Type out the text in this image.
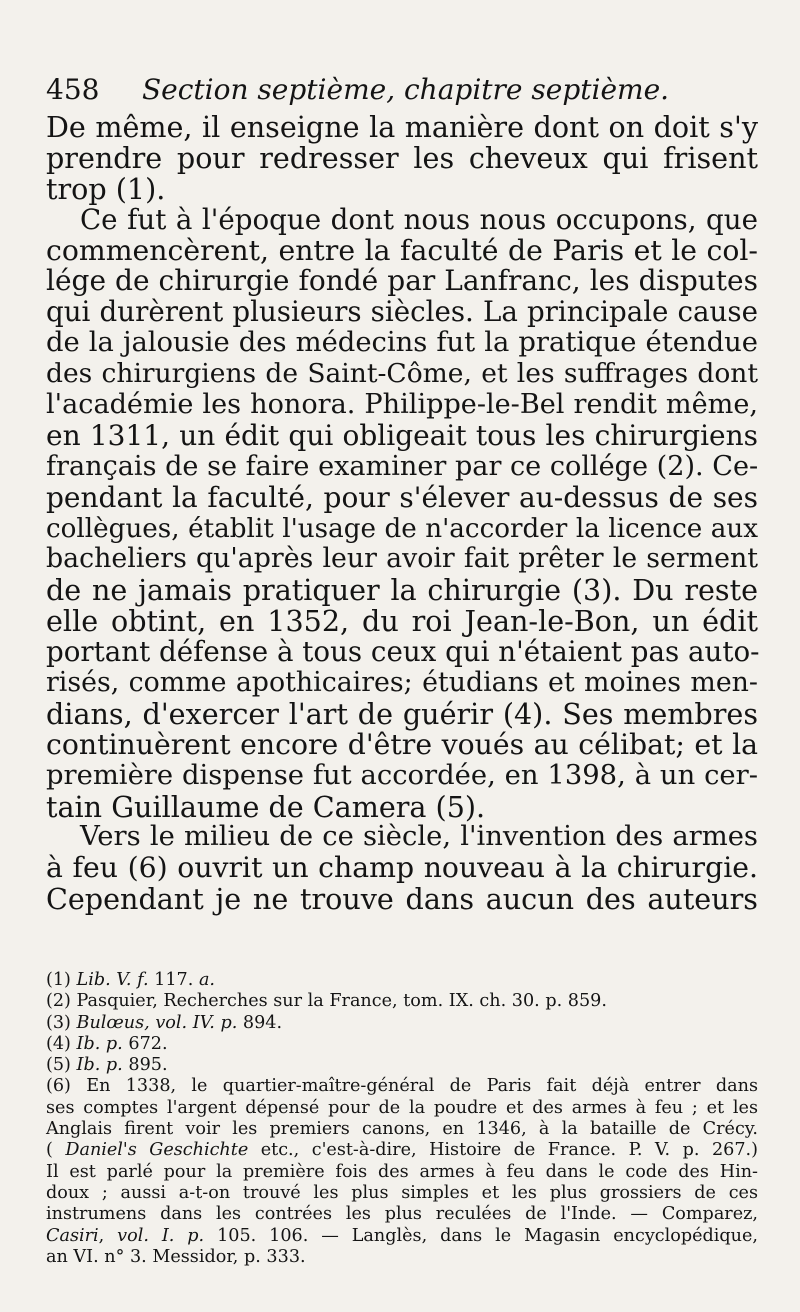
458 Section septième, chapitre septième.
De même, il enseigne la manière dont on doit s'y
prendre pour redresser les cheveux qui frisent
trop (1).
Ce fut à l'époque dont nous nous occupons, que
commencèrent, entre la faculté de Paris et le col-
lége de chirurgie fondé par Lanfranc, les disputes
qui durèrent plusieurs siècles. La principale cause
de la jalousie des médecins fut la pratique étendue
des chirurgiens de Saint-Côme, et les suffrages dont
l'académie les honora. Philippe-le-Bel rendit même,
en 1311, un édit qui obligeait tous les chirurgiens
français de se faire examiner par ce collége (2). Ce-
pendant la faculté, pour s'élever au-dessus de ses
collègues, établit l'usage de n'accorder la licence aux
bacheliers qu'après leur avoir fait prêter le serment
de ne jamais pratiquer la chirurgie (3). Du reste
elle obtint, en 1352, du roi Jean-le-Bon, un édit
portant défense à tous ceux qui n'étaient pas auto-
risés, comme apothicaires; étudians et moines men-
dians, d'exercer l'art de guérir (4). Ses membres
continuèrent encore d'être voués au célibat; et la
première dispense fut accordée, en 1398, à un cer-
tain Guillaume de Camera (5).
Vers le milieu de ce siècle, l'invention des armes
à feu (6) ouvrit un champ nouveau à la chirurgie.
Cependant je ne trouve dans aucun des auteurs
(1) Lib. V. f. 117. a.
(2) Pasquier, Recherches sur la France, tom. IX. ch. 30. p. 859.
(3) Bulœus, vol. IV. p. 894.
(4) Ib. p. 672.
(5) Ib. p. 895.
(6) En 1338, le quartier-maître-général de Paris fait déjà entrer dans
ses comptes l'argent dépensé pour de la poudre et des armes à feu ; et les
Anglais firent voir les premiers canons, en 1346, à la bataille de Crécy.
( Daniel's Geschichte etc., c'est-à-dire, Histoire de France. P. V. p. 267.)
Il est parlé pour la première fois des armes à feu dans le code des Hin-
doux ; aussi a-t-on trouvé les plus simples et les plus grossiers de ces
instrumens dans les contrées les plus reculées de l'Inde. — Comparez,
Casiri, vol. I. p. 105. 106. — Langlès, dans le Magasin encyclopédique,
an VI. n° 3. Messidor, p. 333.
